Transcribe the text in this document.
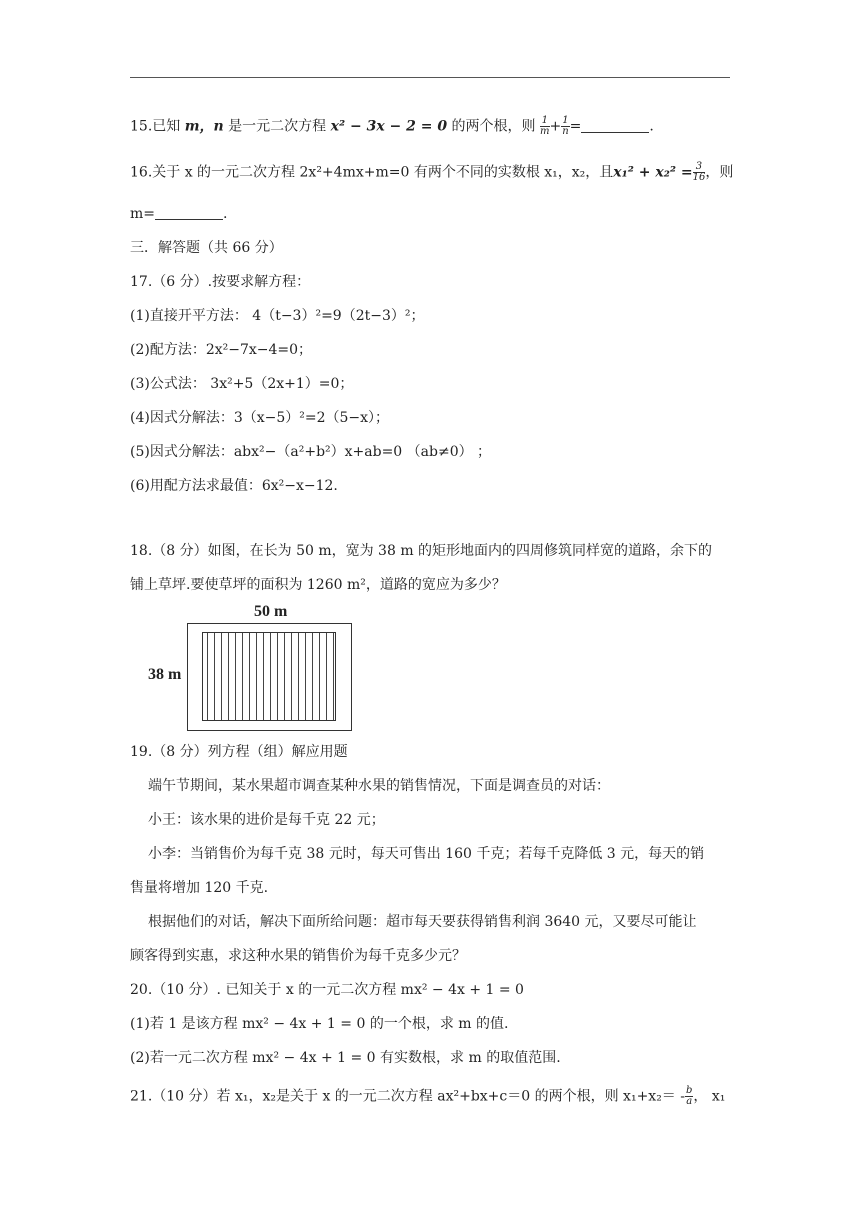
15.已知 m，n 是一元二次方程 x² − 3x − 2 = 0 的两个根，则 $\frac{1}{m} + \frac{1}{n}$ =	.
16.关于 x 的一元二次方程 2x²+4mx+m=0 有两个不同的实数根 x₁，x₂，且$x_1^2 + x_2^2 = \frac{3}{16}$ ，则
m=	.
三．解答题（共 66 分）
17.（6 分）.按要求解方程：
(1)直接开平方法： 4（t−3）²=9（2t−3）²；
(2)配方法：2x²−7x−4=0；
(3)公式法： 3x²+5（2x+1）=0；
(4)因式分解法：3（x−5）²=2（5−x）；
(5)因式分解法：abx²−（a²+b²）x+ab=0 （ab≠0） ；
(6)用配方法求最值：6x²−x−12.
18.（8 分）如图，在长为 50 m，宽为 38 m 的矩形地面内的四周修筑同样宽的道路，余下的
铺上草坪.要使草坪的面积为 1260 m²，道路的宽应为多少？
50 m
38 m
19.（8 分）列方程（组）解应用题
端午节期间，某水果超市调查某种水果的销售情况，下面是调查员的对话：
小王：该水果的进价是每千克 22 元；
小李：当销售价为每千克 38 元时，每天可售出 160 千克；若每千克降低 3 元，每天的销
售量将增加 120 千克.
根据他们的对话，解决下面所给问题：超市每天要获得销售利润 3640 元，又要尽可能让
顾客得到实惠，求这种水果的销售价为每千克多少元？
20.（10 分）. 已知关于 x 的一元二次方程 mx² − 4x + 1 = 0
(1)若 1 是该方程 mx² − 4x + 1 = 0 的一个根，求 m 的值.
(2)若一元二次方程 mx² − 4x + 1 = 0 有实数根，求 m 的取值范围.
21.（10 分）若 x₁，x₂是关于 x 的一元二次方程 ax²+bx+c＝0 的两个根，则 $x_1+x_2= - \frac{b}{a}$ ， x₁
